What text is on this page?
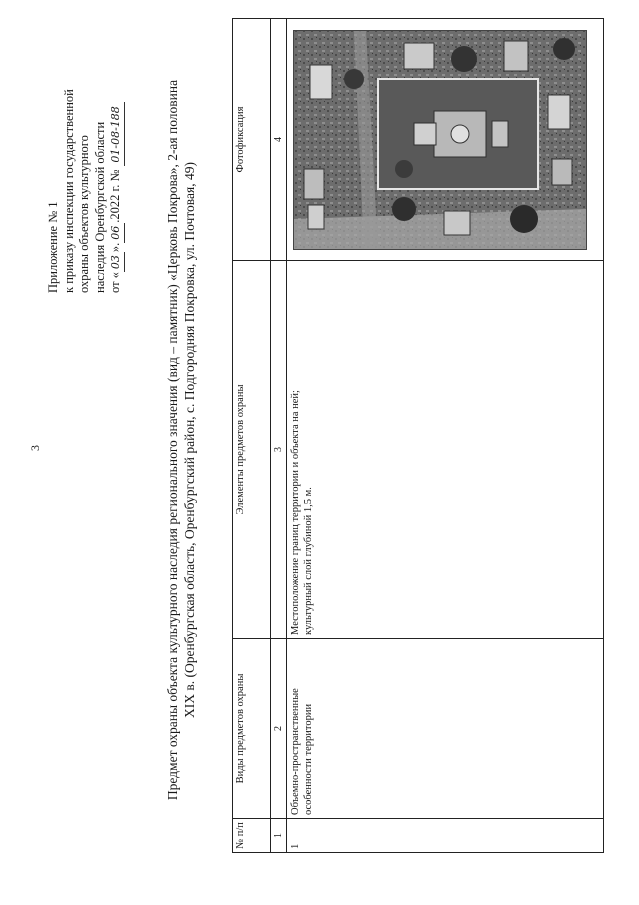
3
Приложение № 1 к приказу инспекции государственной охраны объектов культурного наследия Оренбургской области от «03».06.2022 г. № 01-08-188	Предмет охраны объекта культурного наследия регионального значения (вид – памятник) «Церковь Покрова», 2-ая половина XIX в. (Оренбургская область, Оренбургский район, с. Подгородняя Покровка, ул. Почтовая, 49)
№ п/п	Виды предметов охраны	Элементы предметов охраны	Фотофиксация
1	2	3	4
1	Объемно-пространственные особенности территории	Местоположение границ территории и объекта на ней; культурный слой глубиной 1,5 м.
